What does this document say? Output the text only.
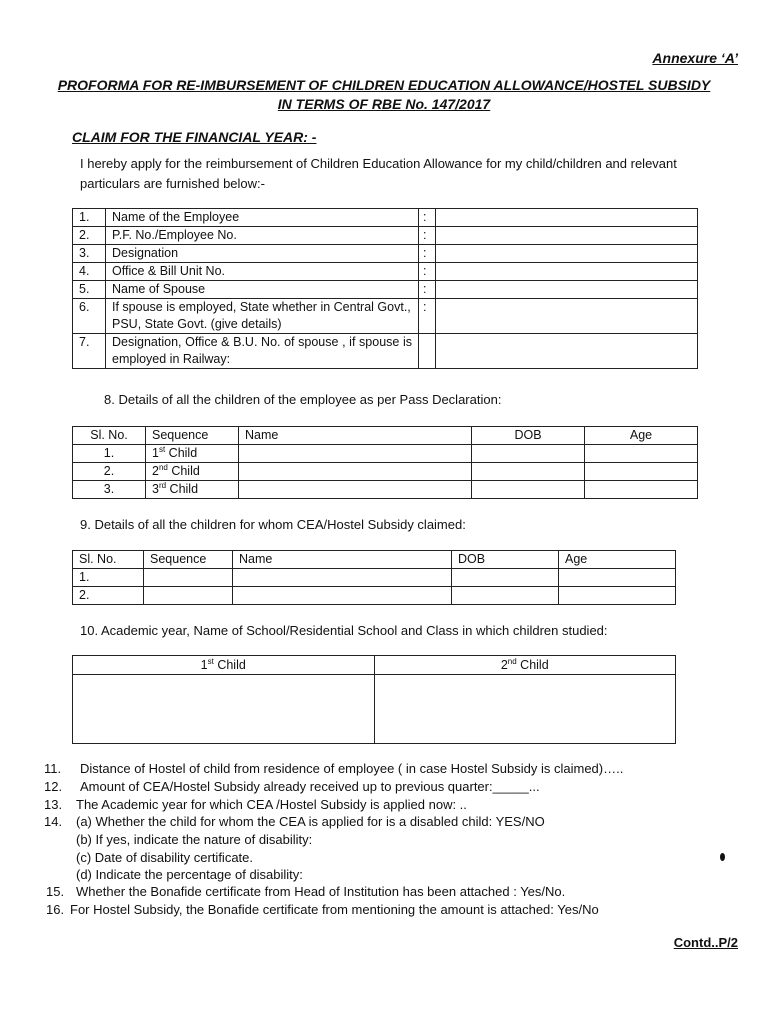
Annexure ‘A’
PROFORMA FOR RE-IMBURSEMENT OF CHILDREN EDUCATION ALLOWANCE/HOSTEL SUBSIDY
IN TERMS OF RBE No. 147/2017
CLAIM FOR THE FINANCIAL YEAR: -
I hereby apply for the reimbursement of Children Education Allowance for my child/children and relevant particulars are furnished below:-
1.	Name of the Employee	:	
2.	P.F. No./Employee No.	:	
3.	Designation	:	
4.	Office & Bill Unit No.	:	
5.	Name of Spouse	:	
6.	If spouse is employed, State whether in Central Govt., PSU, State Govt. (give details)	:	
7.	Designation, Office & B.U. No. of spouse , if spouse is employed in Railway:		
8. Details of all the children of the employee as per Pass Declaration:
Sl. No.	Sequence	Name	DOB	Age
1.	1st Child			
2.	2nd Child			
3.	3rd Child			
9. Details of all the children for whom CEA/Hostel Subsidy claimed:
Sl. No.	Sequence	Name	DOB	Age
1.				
2.				
10. Academic year, Name of School/Residential School and Class in which children studied:
1st Child	2nd Child

11. Distance of Hostel of child from residence of employee ( in case Hostel Subsidy is claimed)…..
12. Amount of CEA/Hostel Subsidy already received up to previous quarter:_____...
13. The Academic year for which CEA /Hostel Subsidy is applied now: ..
14. (a) Whether the child for whom the CEA is applied for is a disabled child: YES/NO
(b) If yes, indicate the nature of disability:
(c) Date of disability certificate.
(d) Indicate the percentage of disability:
15. Whether the Bonafide certificate from Head of Institution has been attached : Yes/No.
16. For Hostel Subsidy, the Bonafide certificate from mentioning the amount is attached: Yes/No
Contd..P/2
